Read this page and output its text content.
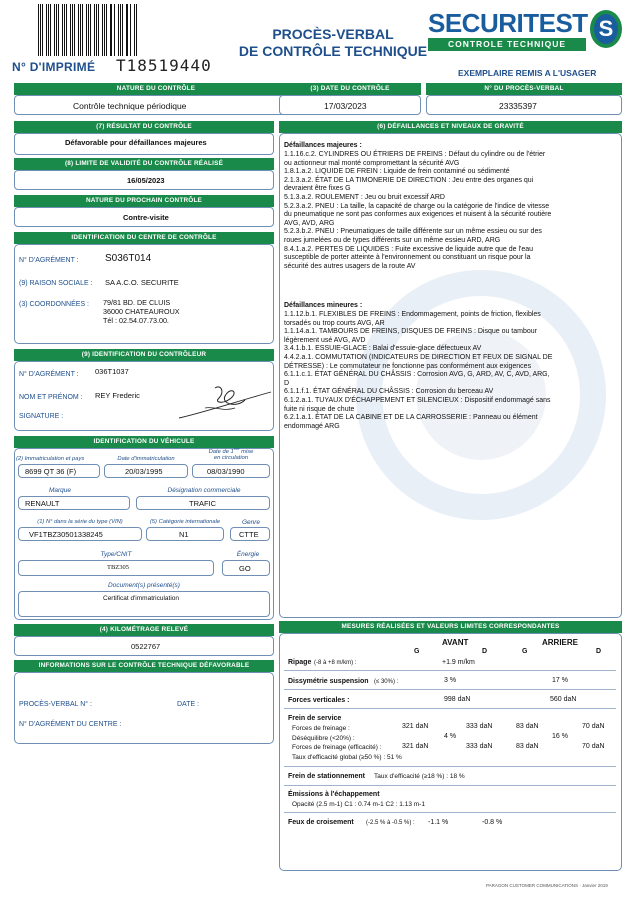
N° D'IMPRIMÉ T18519440
PROCÈS-VERBAL
DE CONTRÔLE TECHNIQUE
SECURITEST
CONTROLE TECHNIQUE
S
EXEMPLAIRE REMIS A L'USAGER
NATURE DU CONTRÔLE
Contrôle technique périodique
(3) DATE DU CONTRÔLE
17/03/2023
N° DU PROCÈS-VERBAL
23335397
(7) RÉSULTAT DU CONTRÔLE
Défavorable pour défaillances majeures
(8) LIMITE DE VALIDITÉ DU CONTRÔLE RÉALISÉ
16/05/2023
NATURE DU PROCHAIN CONTRÔLE
Contre-visite
IDENTIFICATION DU CENTRE DE CONTRÔLE
N° D'AGRÉMENT :	S036T014
(9) RAISON SOCIALE : SA A.C.O. SECURITE
(3) COORDONNÉES : 79/81 BD. DE CLUIS
36000 CHATEAUROUX
Tél : 02.54.07.73.00.
(9) IDENTIFICATION DU CONTRÔLEUR
N° D'AGRÉMENT : 036T1037
NOM ET PRÉNOM : REY Frederic
SIGNATURE :
IDENTIFICATION DU VÉHICULE
(2) Immatriculation et pays
8699 QT 36 (F)
Date d'immatriculation
20/03/1995
Date de 1ère mise
en circulation
08/03/1990
Marque
RENAULT
Désignation commerciale
TRAFIC
(1) N° dans la série du type (VIN)
VF1TBZ30501338245
(5) Catégorie internationale
N1
Genre
CTTE
Type/CNIT
TBZ305
Énergie
GO
Document(s) présenté(s)
Certificat d'immatriculation
(4) KILOMÉTRAGE RELEVÉ
0522767
INFORMATIONS SUR LE CONTRÔLE TECHNIQUE DÉFAVORABLE
PROCÈS-VERBAL N° :	DATE :
N° D'AGRÉMENT DU CENTRE :
(6) DÉFAILLANCES ET NIVEAUX DE GRAVITÉ
Défaillances majeures :
1.1.16.c.2. CYLINDRES OU ÉTRIERS DE FREINS : Défaut du cylindre ou de l'étrier
ou actionneur mal monté compromettant la sécurité AVG
1.8.1.a.2. LIQUIDE DE FREIN : Liquide de frein contaminé ou sédimenté
2.1.3.a.2. ÉTAT DE LA TIMONERIE DE DIRECTION : Jeu entre des organes qui
devraient être fixes G
5.1.3.a.2. ROULEMENT : Jeu ou bruit excessif ARD
5.2.3.a.2. PNEU : La taille, la capacité de charge ou la catégorie de l'indice de vitesse
du pneumatique ne sont pas conformes aux exigences et nuisent à la sécurité routière
AVG, AVD, ARG
5.2.3.b.2. PNEU : Pneumatiques de taille différente sur un même essieu ou sur des
roues jumelées ou de types différents sur un même essieu ARD, ARG
8.4.1.a.2. PERTES DE LIQUIDES : Fuite excessive de liquide autre que de l'eau
susceptible de porter atteinte à l'environnement ou constituant un risque pour la
sécurité des autres usagers de la route AV
Défaillances mineures :
1.1.12.b.1. FLEXIBLES DE FREINS : Endommagement, points de friction, flexibles
torsadés ou trop courts AVG, AR
1.1.14.a.1. TAMBOURS DE FREINS, DISQUES DE FREINS : Disque ou tambour
légèrement usé AVG, AVD
3.4.1.b.1. ESSUIE-GLACE : Balai d'essuie-glace défectueux AV
4.4.2.a.1. COMMUTATION (INDICATEURS DE DIRECTION ET FEUX DE SIGNAL DE
DÉTRESSE) : Le commutateur ne fonctionne pas conformément aux exigences
6.1.1.c.1. ÉTAT GÉNÉRAL DU CHÂSSIS : Corrosion AVG, G, ARD, AV, C, AVD, ARG,
D
6.1.1.f.1. ÉTAT GÉNÉRAL DU CHÂSSIS : Corrosion du berceau AV
6.1.2.a.1. TUYAUX D'ÉCHAPPEMENT ET SILENCIEUX : Dispositif endommagé sans
fuite ni risque de chute
6.2.1.a.1. ÉTAT DE LA CABINE ET DE LA CARROSSERIE : Panneau ou élément
endommagé ARG
MESURES RÉALISÉES ET VALEURS LIMITES CORRESPONDANTES
AVANT	ARRIERE
G	D	G	D
Ripage (-8 à +8 m/km) :	+1.9 m/km
Dissymétrie suspension (≤ 30%) :	3 %	17 %
Forces verticales :	998 daN	560 daN
Frein de service
Forces de freinage :	321 daN	333 daN	83 daN	70 daN
Déséquilibre (<20%) :	4 %	16 %
Forces de freinage (efficacité) :	321 daN	333 daN	83 daN	70 daN
Taux d'efficacité global (≥50 %) : 51 %
Frein de stationnement Taux d'efficacité (≥18 %) : 18 %
Émissions à l'échappement
Opacité (2.5 m-1) C1 : 0.74 m-1 C2 : 1.13 m-1
Feux de croisement (-2.5 % à -0.5 %) : -1.1 %	-0.8 %
PARAGON CUSTOMER COMMUNICATIONS · Janvier 2019
